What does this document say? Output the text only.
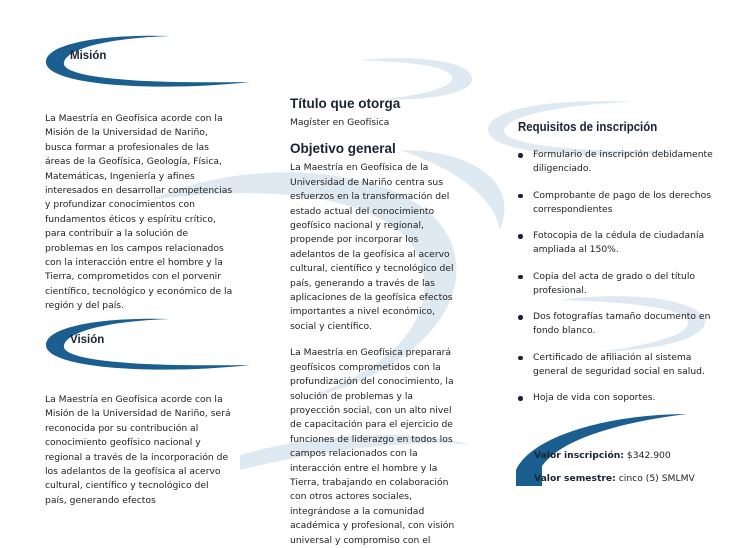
Misión
Visión
Requisitos de inscripción

La Maestría en Geofísica acorde con la Misión de la Universidad de Nariño, busca formar a profesionales de las áreas de la Geofísica, Geología, Física, Matemáticas, Ingeniería y afines interesados en desarrollar competencias y profundizar conocimientos con fundamentos éticos y espíritu crítico, para contribuir a la solución de problemas en los campos relacionados con la interacción entre el hombre y la Tierra, comprometidos con el porvenir científico, tecnológico y económico de la región y del país.

La Maestría en Geofísica acorde con la Misión de la Universidad de Nariño, será reconocida por su contribución al conocimiento geofísico nacional y regional a través de la incorporación de los adelantos de la geofísica al acervo cultural, científico y tecnológico del país, generando efectos

Título que otorga

Magíster en Geofísica

Objetivo general

La Maestría en Geofísica de la Universidad de Nariño centra sus esfuerzos en la transformación del estado actual del conocimiento geofísico nacional y regional, propende por incorporar los adelantos de la geofísica al acervo cultural, científico y tecnológico del país, generando a través de las aplicaciones de la geofísica efectos importantes a nivel económico, social y científico.

La Maestría en Geofísica preparará geofísicos comprometidos con la profundización del conocimiento, la solución de problemas y la proyección social, con un alto nivel de capacitación para el ejercicio de funciones de liderazgo en todos los campos relacionados con la interacción entre el hombre y la Tierra, trabajando en colaboración con otros actores sociales, integrándose a la comunidad académica y profesional, con visión universal y compromiso con el

Formulario de inscripción debidamente diligenciado.
Comprobante de pago de los derechos correspondientes
Fotocopia de la cédula de ciudadanía ampliada al 150%.
Copia del acta de grado o del título profesional.
Dos fotografías tamaño documento en fondo blanco.
Certificado de afiliación al sistema general de seguridad social en salud.
Hoja de vida con soportes.
Valor inscripción: $342.900
Valor semestre: cinco (5) SMLMV
